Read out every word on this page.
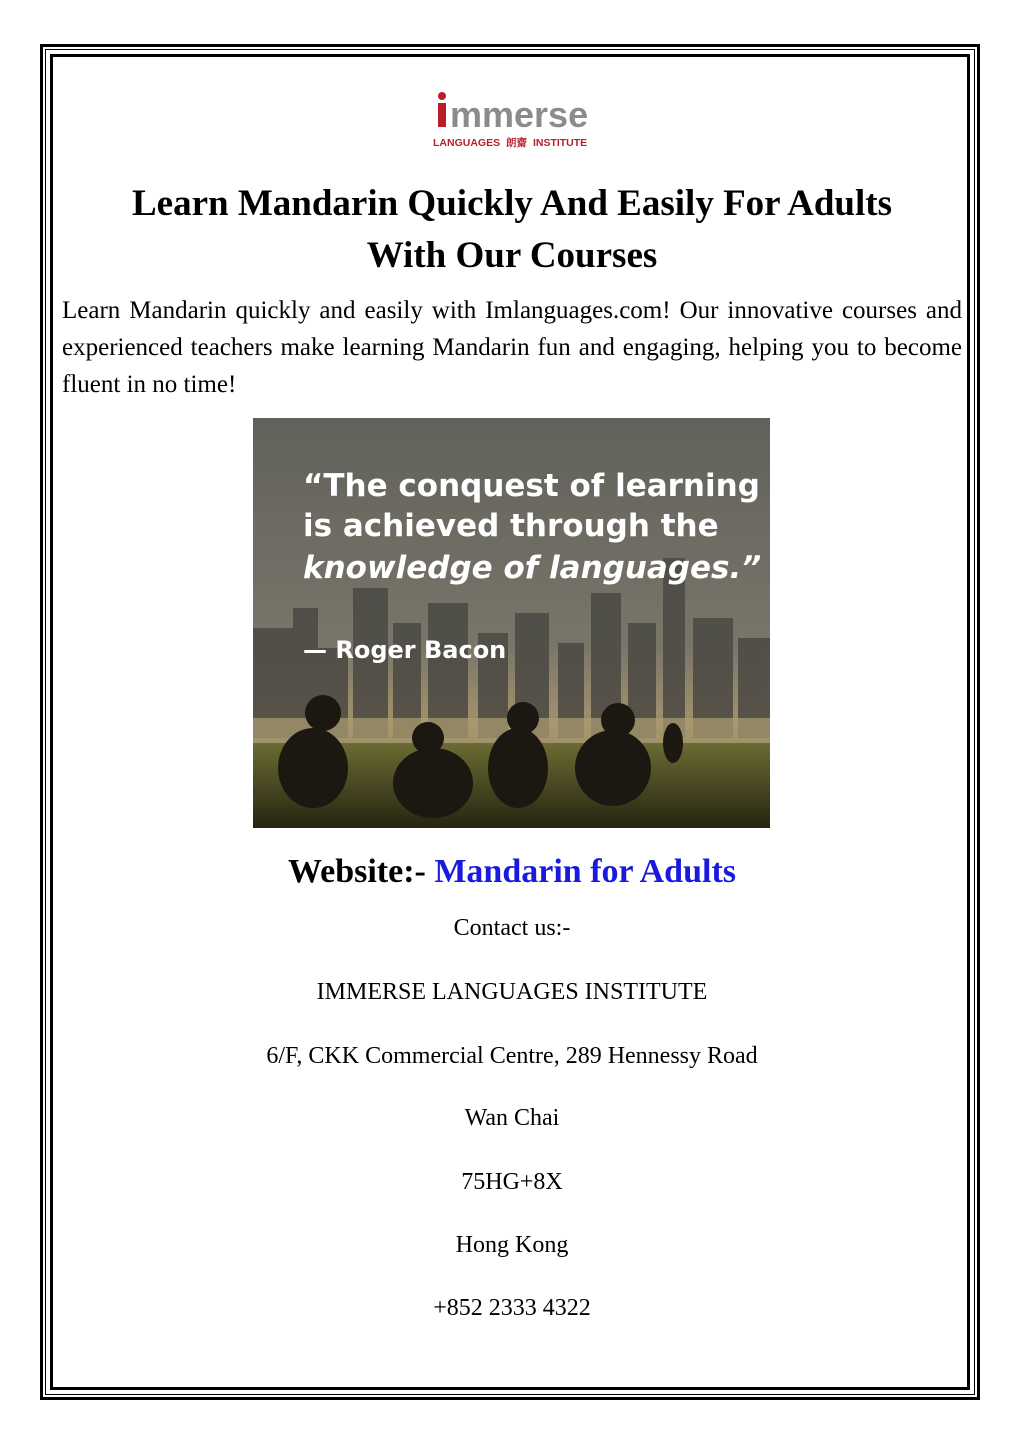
mmerse
LANGUAGES 朗齋 INSTITUTE
Learn Mandarin Quickly And Easily For Adults
With Our Courses

Learn Mandarin quickly and easily with Imlanguages.com! Our innovative courses and experienced teachers make learning Mandarin fun and engaging, helping you to become fluent in no time!

“The conquest of learning
is achieved through the
knowledge of languages.”
— Roger Bacon
Website:- Mandarin for Adults
Contact us:-
IMMERSE LANGUAGES INSTITUTE
6/F, CKK Commercial Centre, 289 Hennessy Road
Wan Chai
75HG+8X
Hong Kong
+852 2333 4322
